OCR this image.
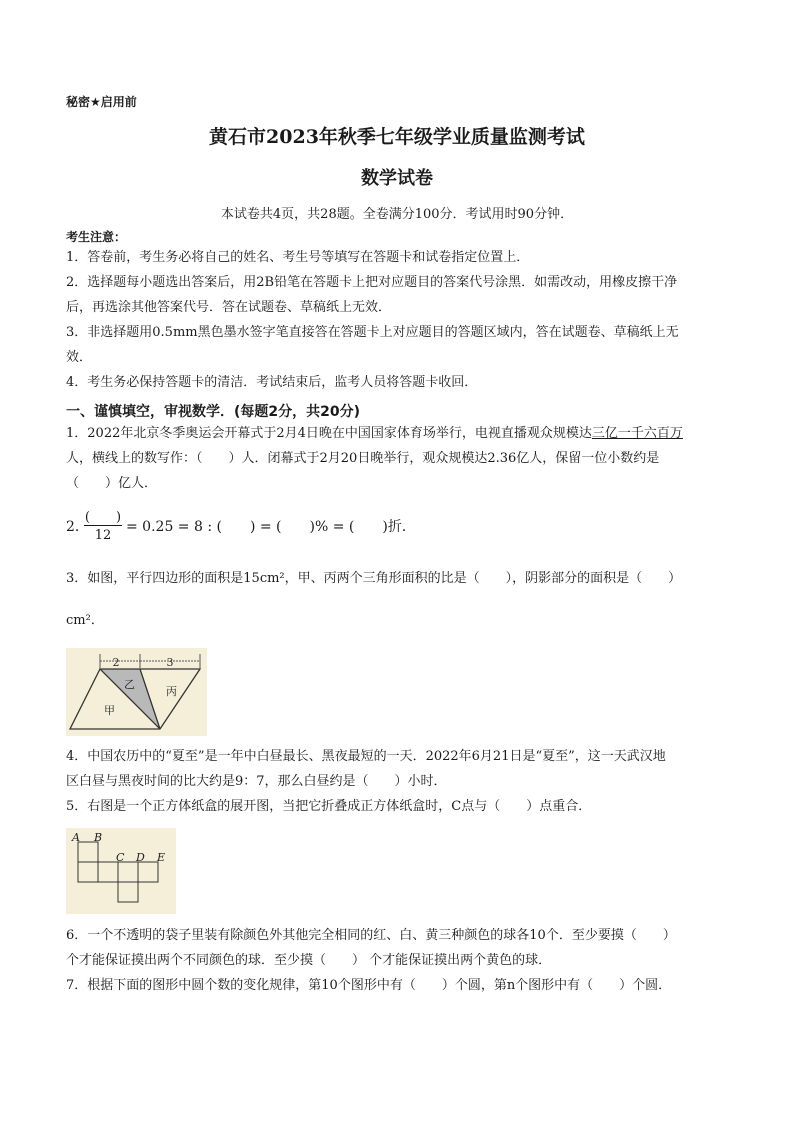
秘密★启用前
黄石市2023年秋季七年级学业质量监测考试
数学试卷
本试卷共4页，共28题。全卷满分100分．考试用时90分钟．
考生注意：
1．答卷前，考生务必将自己的姓名、考生号等填写在答题卡和试卷指定位置上．
2．选择题每小题选出答案后，用2B铅笔在答题卡上把对应题目的答案代号涂黑．如需改动，用橡皮擦干净
后，再选涂其他答案代号．答在试题卷、草稿纸上无效．
3．非选择题用0.5mm黑色墨水签字笔直接答在答题卡上对应题目的答题区域内，答在试题卷、草稿纸上无
效．
4．考生务必保持答题卡的清洁．考试结束后，监考人员将答题卡收回．
一、谨慎填空，审视数学．(每题2分，共20分)
1．2022年北京冬季奥运会开幕式于2月4日晚在中国国家体育场举行，电视直播观众规模达三亿一千六百万
人，横线上的数写作：（　　）人．闭幕式于2月20日晚举行，观众规模达2.36亿人，保留一位小数约是
（　　）亿人．
2．
(　　)
12
= 0.25 = 8 : (　　) = (　　)% = (　　)折．
3．如图，平行四边形的面积是15cm²，甲、丙两个三角形面积的比是（　　），阴影部分的面积是（　　）
cm²．
2	3
乙
丙
甲
4．中国农历中的“夏至”是一年中白昼最长、黑夜最短的一天．2022年6月21日是“夏至”，这一天武汉地
区白昼与黑夜时间的比大约是9：7，那么白昼约是（　　）小时．
5．右图是一个正方体纸盒的展开图，当把它折叠成正方体纸盒时，C点与（　　）点重合．
A B
C D E
6．一个不透明的袋子里装有除颜色外其他完全相同的红、白、黄三种颜色的球各10个．至少要摸（　　）
个才能保证摸出两个不同颜色的球．至少摸（　　） 个才能保证摸出两个黄色的球．
7．根据下面的图形中圆个数的变化规律，第10个图形中有（　　）个圆，第n个图形中有（　　）个圆．
